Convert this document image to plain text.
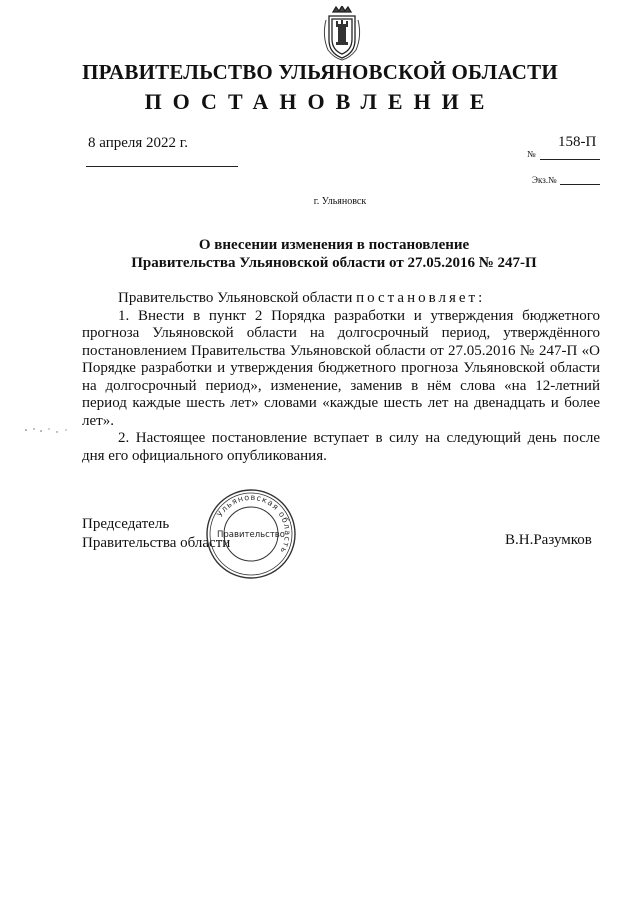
ПРАВИТЕЛЬСТВО УЛЬЯНОВСКОЙ ОБЛАСТИ
ПОСТАНОВЛЕНИЕ
8 апреля 2022 г.	158-П
№
Экз.№
г. Ульяновск
О внесении изменения в постановление
Правительства Ульяновской области от 27.05.2016 № 247-П

Правительство Ульяновской области постановляет:

1. Внести в пункт 2 Порядка разработки и утверждения бюджетного прогноза Ульяновской области на долгосрочный период, утверждённого постановлением Правительства Ульяновской области от 27.05.2016 № 247-П «О Порядке разработки и утверждения бюджетного прогноза Ульяновской области на долгосрочный период», изменение, заменив в нём слова «на 12-летний период каждые шесть лет» словами «каждые шесть лет на двенадцать и более лет».

2. Настоящее постановление вступает в силу на следующий день после дня его официального опубликования.

Председатель
Правительства области	В.Н.Разумков
Ульяновская область
Правительство
